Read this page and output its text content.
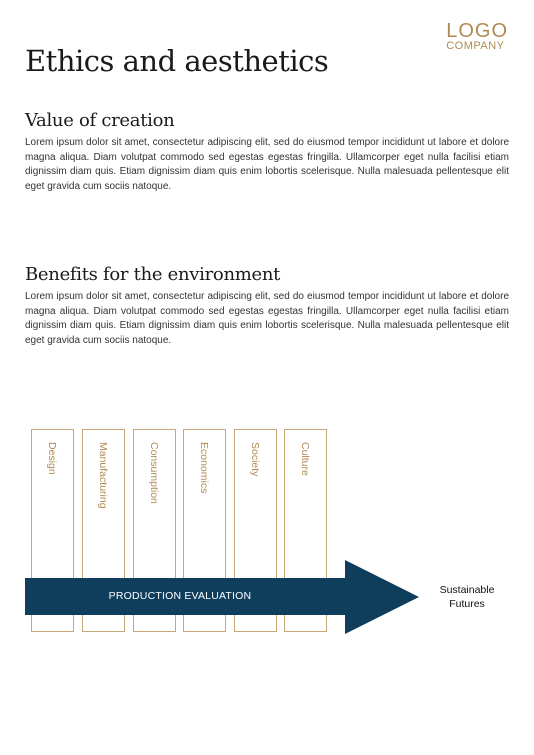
LOGO
COMPANY
Ethics and aesthetics
Value of creation

Lorem ipsum dolor sit amet, consectetur adipiscing elit, sed do eiusmod tempor incididunt ut labore et dolore magna aliqua. Diam volutpat commodo sed egestas egestas fringilla. Ullamcorper eget nulla facilisi etiam dignissim diam quis. Etiam dignissim diam quis enim lobortis scelerisque. Nulla malesuada pellentesque elit eget gravida cum sociis natoque.

Benefits for the environment

Lorem ipsum dolor sit amet, consectetur adipiscing elit, sed do eiusmod tempor incididunt ut labore et dolore magna aliqua. Diam volutpat commodo sed egestas egestas fringilla. Ullamcorper eget nulla facilisi etiam dignissim diam quis. Etiam dignissim diam quis enim lobortis scelerisque. Nulla malesuada pellentesque elit eget gravida cum sociis natoque.

Design	Manufacturing	Consumption	Economics	Society	Culture
PRODUCTION EVALUATION	Sustainable
Futures
